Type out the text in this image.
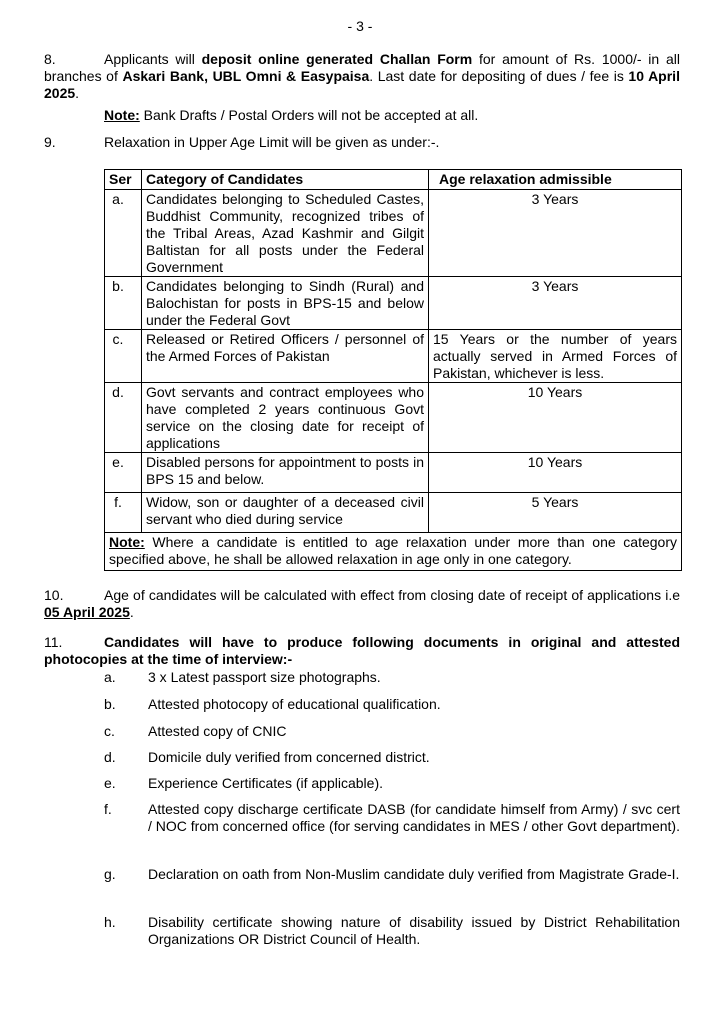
- 3 -
8.	Applicants will deposit online generated Challan Form for amount of Rs. 1000/- in all branches of Askari Bank, UBL Omni & Easypaisa. Last date for depositing of dues / fee is 10 April 2025.
Note: Bank Drafts / Postal Orders will not be accepted at all.
9.	Relaxation in Upper Age Limit will be given as under:-.
Ser	Category of Candidates	Age relaxation admissible
a.	Candidates belonging to Scheduled Castes, Buddhist Community, recognized tribes of the Tribal Areas, Azad Kashmir and Gilgit Baltistan for all posts under the Federal Government	3 Years
b.	Candidates belonging to Sindh (Rural) and Balochistan for posts in BPS-15 and below under the Federal Govt	3 Years
c.	Released or Retired Officers / personnel of the Armed Forces of Pakistan	15 Years or the number of years actually served in Armed Forces of Pakistan, whichever is less.
d.	Govt servants and contract employees who have completed 2 years continuous Govt service on the closing date for receipt of applications	10 Years
e.	Disabled persons for appointment to posts in BPS 15 and below.	10 Years
f.	Widow, son or daughter of a deceased civil servant who died during service	5 Years
Note: Where a candidate is entitled to age relaxation under more than one category specified above, he shall be allowed relaxation in age only in one category.		
10.	Age of candidates will be calculated with effect from closing date of receipt of applications i.e 05 April 2025.
11.	Candidates will have to produce following documents in original and attested photocopies at the time of interview:-
a. 3 x Latest passport size photographs.
b. Attested photocopy of educational qualification.
c. Attested copy of CNIC
d. Domicile duly verified from concerned district.
e. Experience Certificates (if applicable).
f.	Attested copy discharge certificate DASB (for candidate himself from Army) / svc cert / NOC from concerned office (for serving candidates in MES / other Govt department).
g. Declaration on oath from Non-Muslim candidate duly verified from Magistrate Grade-I.
h. Disability certificate showing nature of disability issued by District Rehabilitation Organizations OR District Council of Health.
